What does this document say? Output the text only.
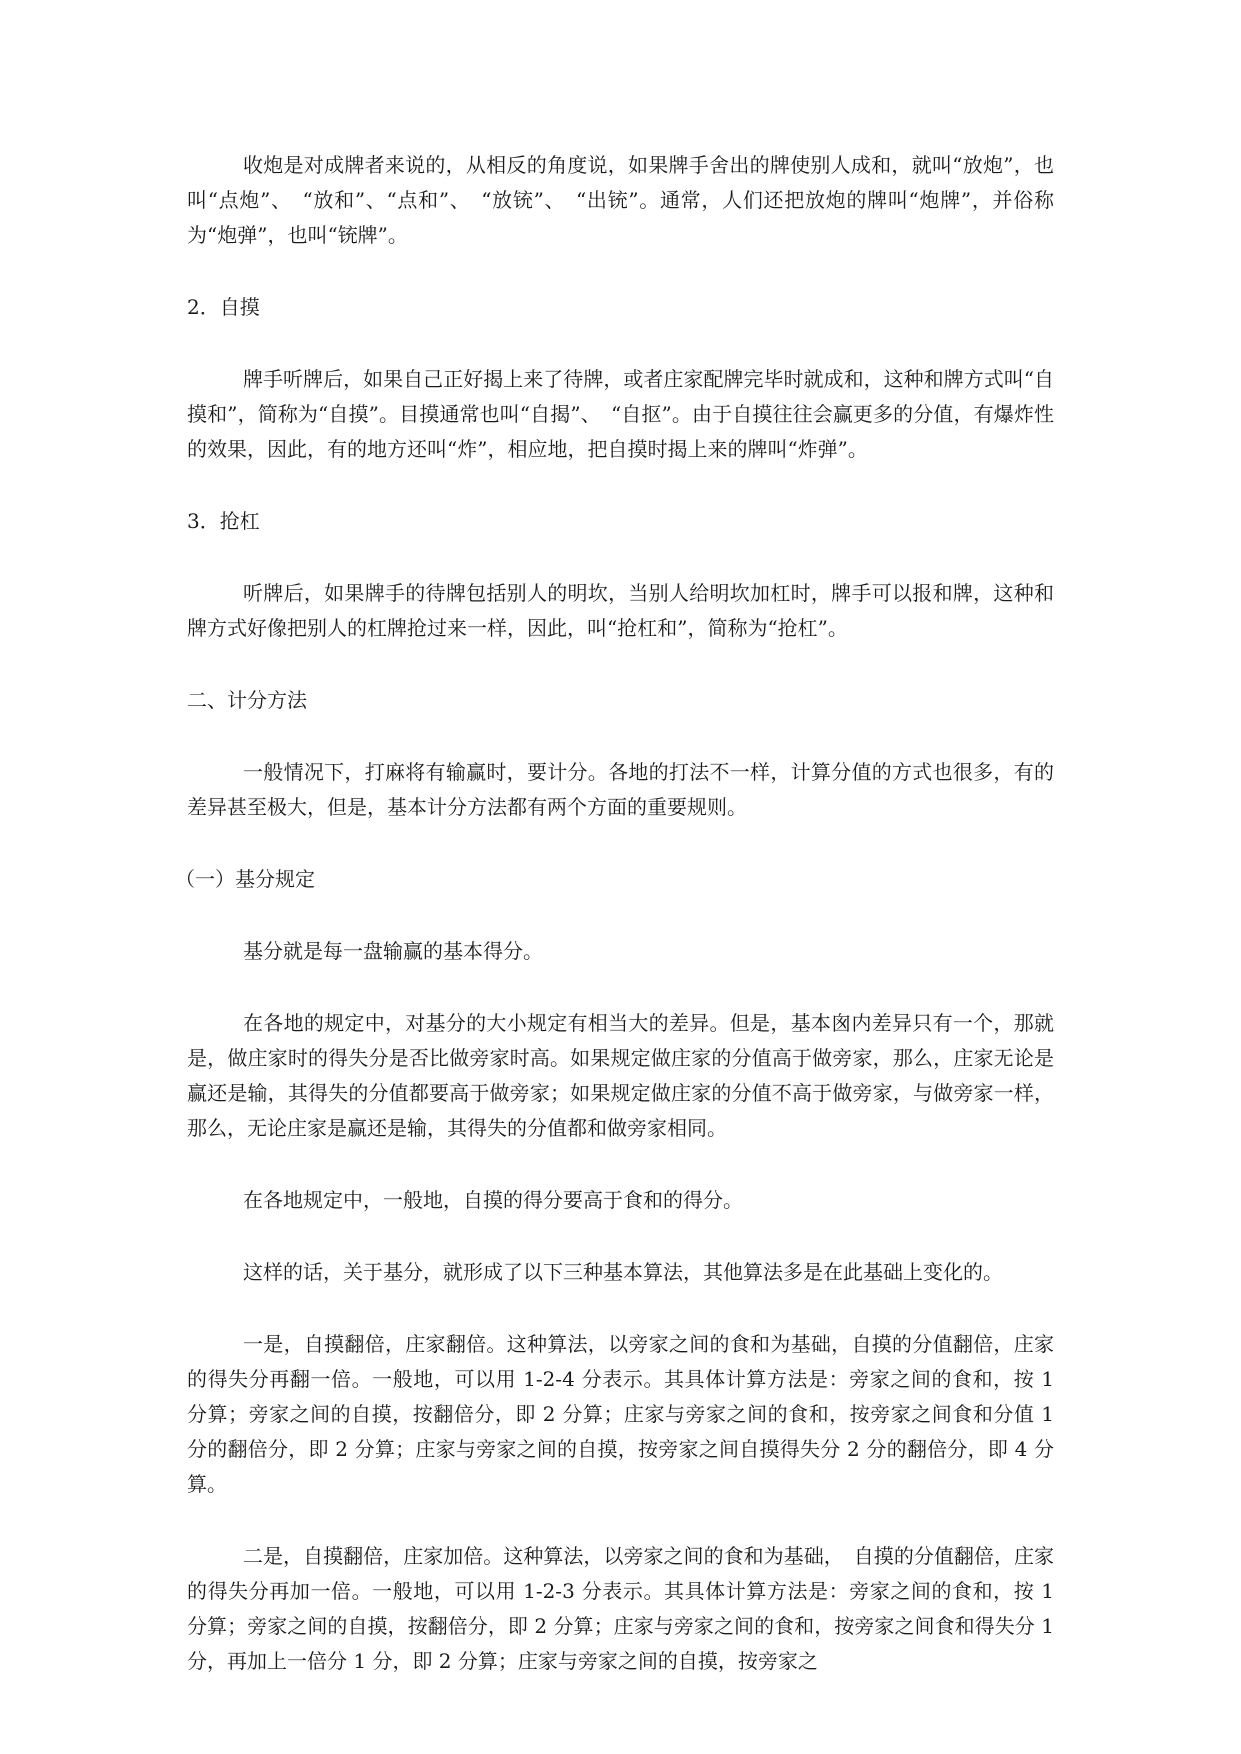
收炮是对成牌者来说的，从相反的角度说，如果牌手舍出的牌使别人成和，就叫“放炮”，也叫“点炮”、　“放和”、“点和”、　“放铳”、　“出铳”。通常，人们还把放炮的牌叫“炮牌”，并俗称为“炮弹”，也叫“铳牌”。

2．自摸

牌手听牌后，如果自己正好揭上来了待牌，或者庄家配牌完毕时就成和，这种和牌方式叫“自摸和”，简称为“自摸”。目摸通常也叫“自揭”、　“自抠”。由于自摸往往会赢更多的分值，有爆炸性的效果，因此，有的地方还叫“炸”，相应地，把自摸时揭上来的牌叫“炸弹”。

3．抢杠

听牌后，如果牌手的待牌包括别人的明坎，当别人给明坎加杠时，牌手可以报和牌，这种和牌方式好像把别人的杠牌抢过来一样，因此，叫“抢杠和”，简称为“抢杠”。

二、计分方法

一般情况下，打麻将有输赢时，要计分。各地的打法不一样，计算分值的方式也很多，有的差异甚至极大，但是，基本计分方法都有两个方面的重要规则。

（一）基分规定

基分就是每一盘输赢的基本得分。

在各地的规定中，对基分的大小规定有相当大的差异。但是，基本囪内差异只有一个，那就是，做庄家时的得失分是否比做旁家时高。如果规定做庄家的分值高于做旁家，那么，庄家无论是赢还是输，其得失的分值都要高于做旁家；如果规定做庄家的分值不高于做旁家，与做旁家一样，那么，无论庄家是赢还是输，其得失的分值都和做旁家相同。

在各地规定中，一般地，自摸的得分要高于食和的得分。

这样的话，关于基分，就形成了以下三种基本算法，其他算法多是在此基础上变化的。

一是，自摸翻倍，庄家翻倍。这种算法，以旁家之间的食和为基础，自摸的分值翻倍，庄家的得失分再翻一倍。一般地，可以用 1-2-4 分表示。其具体计算方法是：旁家之间的食和，按 1 分算；旁家之间的自摸，按翻倍分，即 2 分算；庄家与旁家之间的食和，按旁家之间食和分值 1 分的翻倍分，即 2 分算；庄家与旁家之间的自摸，按旁家之间自摸得失分 2 分的翻倍分，即 4 分算。

二是，自摸翻倍，庄家加倍。这种算法，以旁家之间的食和为基础，　自摸的分值翻倍，庄家的得失分再加一倍。一般地，可以用 1-2-3 分表示。其具体计算方法是：旁家之间的食和，按 1 分算；旁家之间的自摸，按翻倍分，即 2 分算；庄家与旁家之间的食和，按旁家之间食和得失分 1 分，再加上一倍分 1 分，即 2 分算；庄家与旁家之间的自摸，按旁家之
